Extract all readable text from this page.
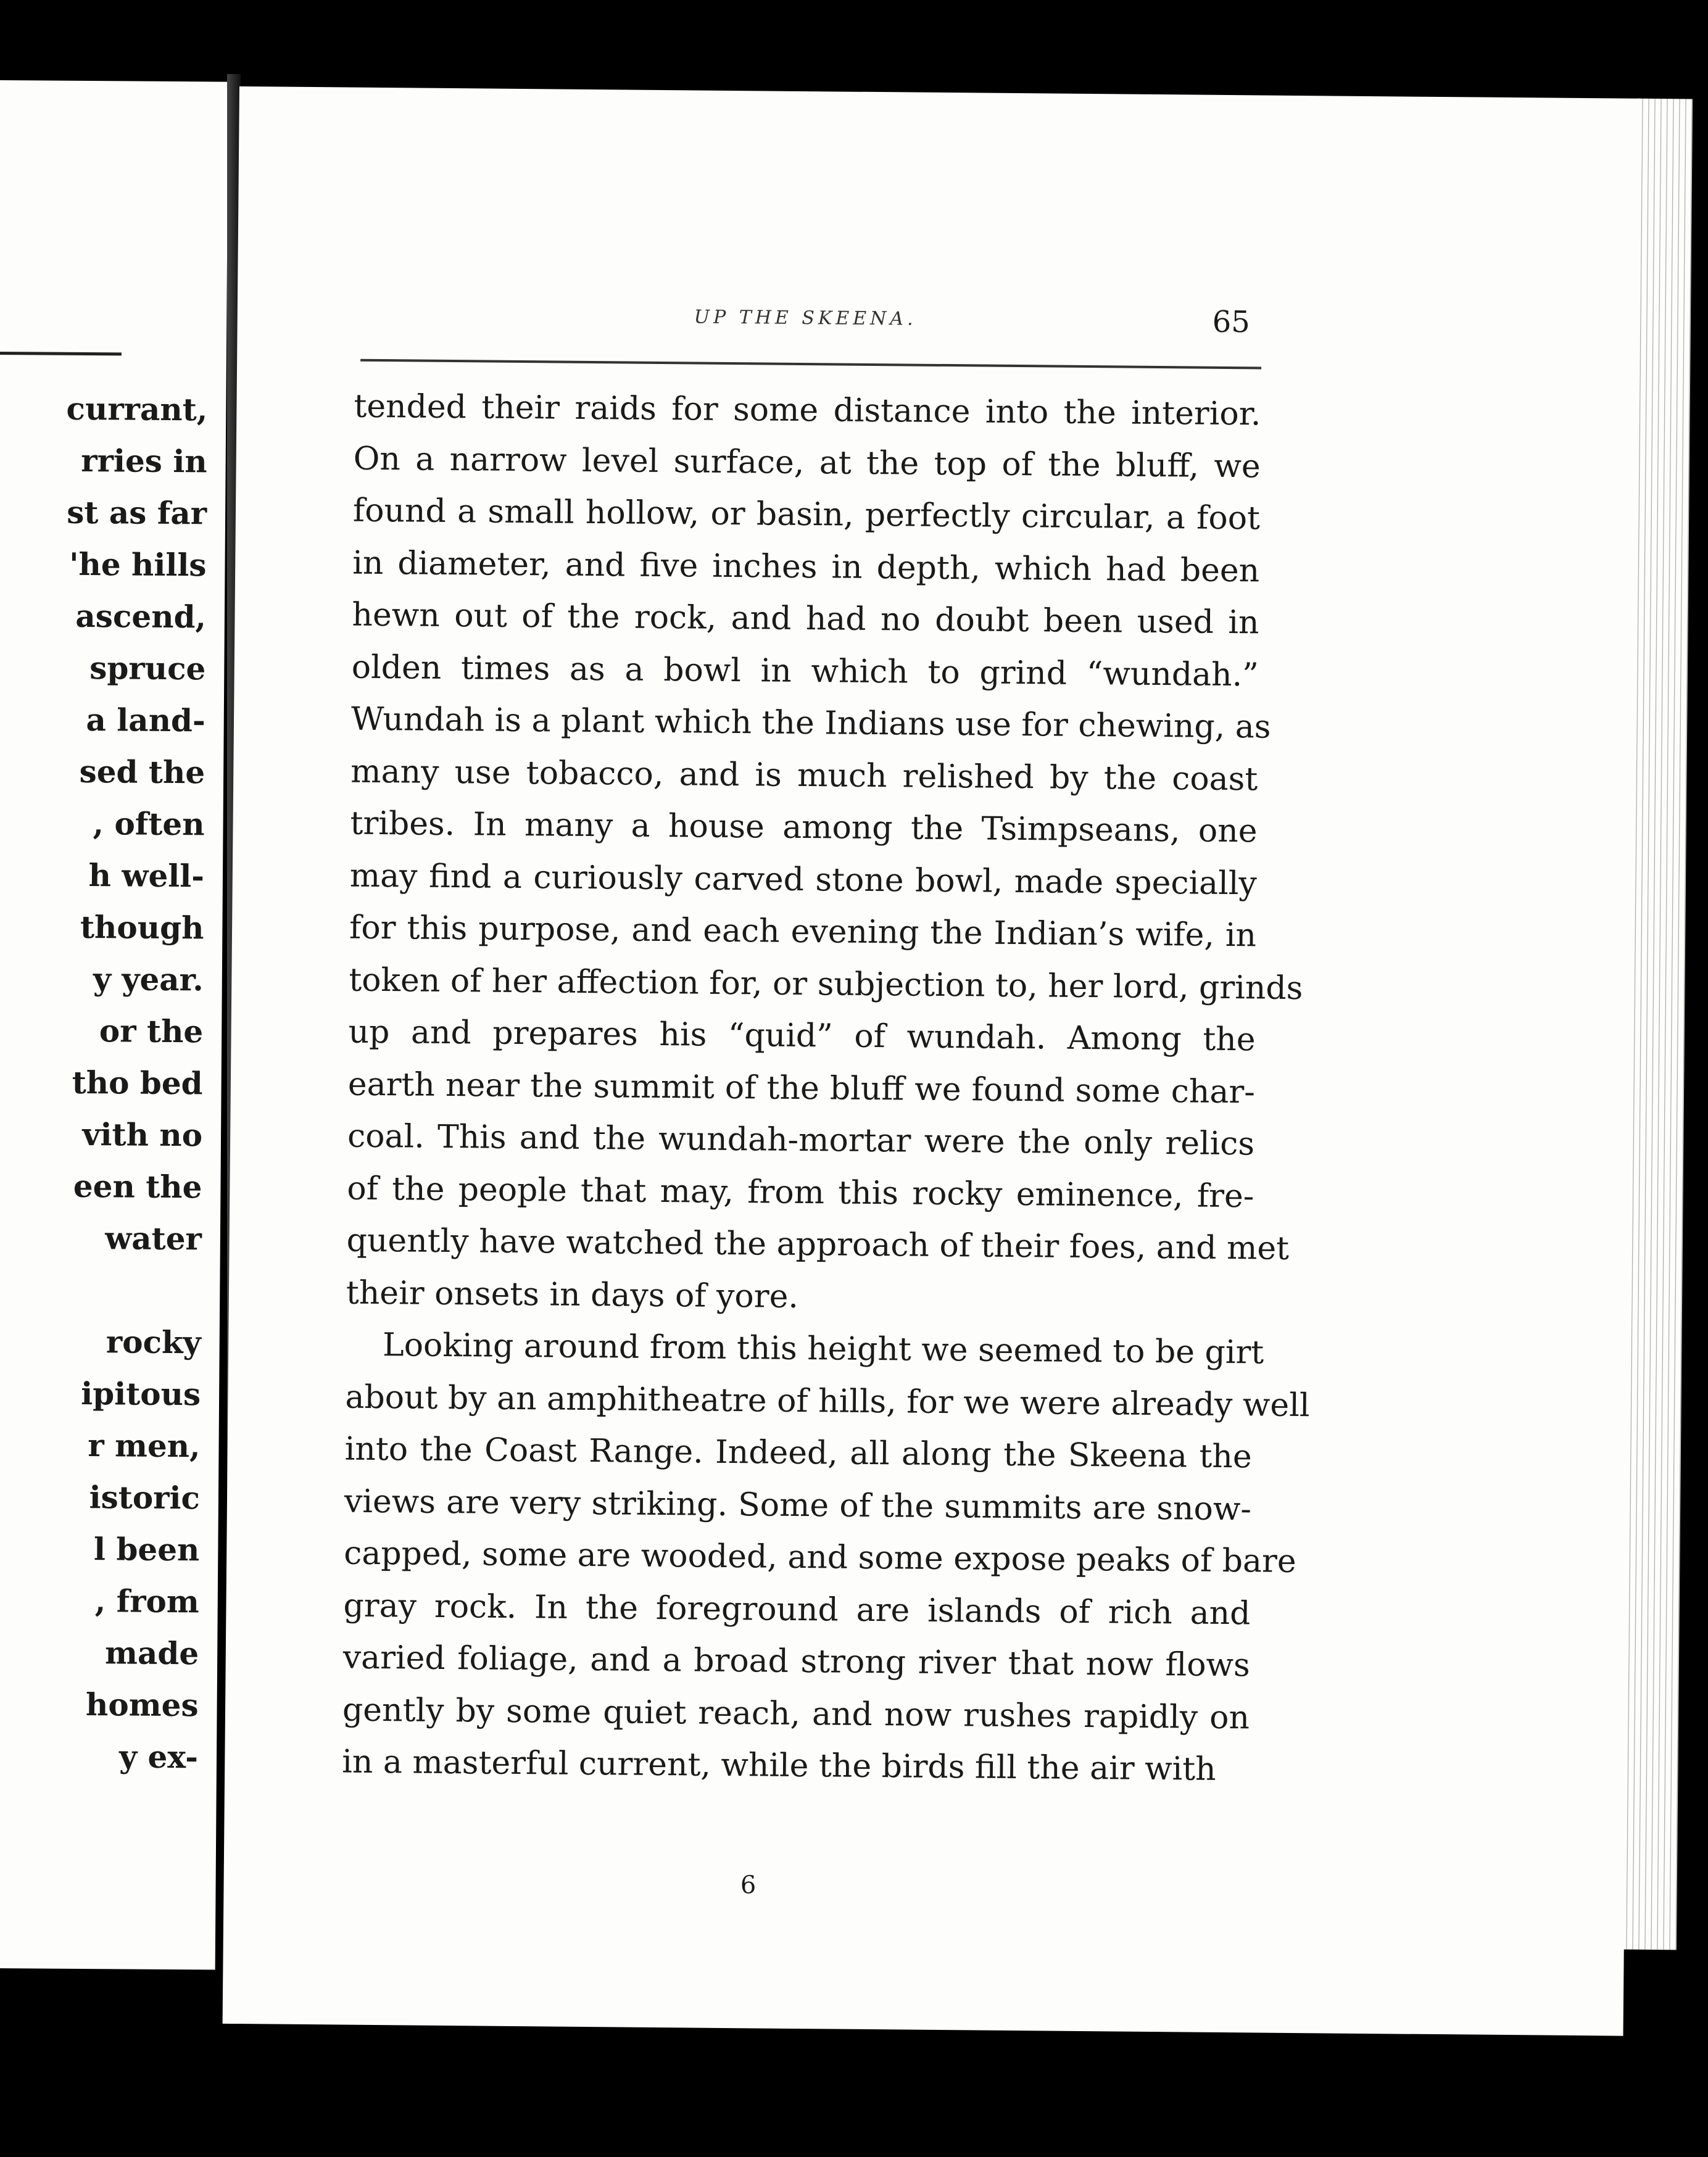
currant,
rries in
st as far
'he hills
ascend,
spruce
a land-
sed the
, often
h well-
though
y year.
or the
tho bed
vith no
een the
water

rocky
ipitous
r men,
istoric
l been
, from
made
homes
y ex-
UP THE SKEENA.	65
tended their raids for some distance into the interior.
On a narrow level surface, at the top of the bluff, we
found a small hollow, or basin, perfectly circular, a foot
in diameter, and five inches in depth, which had been
hewn out of the rock, and had no doubt been used in
olden times as a bowl in which to grind “wundah.”
Wundah is a plant which the Indians use for chewing, as
many use tobacco, and is much relished by the coast
tribes. In many a house among the Tsimpseans, one
may find a curiously carved stone bowl, made specially
for this purpose, and each evening the Indian’s wife, in
token of her affection for, or subjection to, her lord, grinds
up and prepares his “quid” of wundah. Among the
earth near the summit of the bluff we found some char-
coal. This and the wundah-mortar were the only relics
of the people that may, from this rocky eminence, fre-
quently have watched the approach of their foes, and met
their onsets in days of yore.
Looking around from this height we seemed to be girt
about by an amphitheatre of hills, for we were already well
into the Coast Range. Indeed, all along the Skeena the
views are very striking. Some of the summits are snow-
capped, some are wooded, and some expose peaks of bare
gray rock. In the foreground are islands of rich and
varied foliage, and a broad strong river that now flows
gently by some quiet reach, and now rushes rapidly on
in a masterful current, while the birds fill the air with
6
